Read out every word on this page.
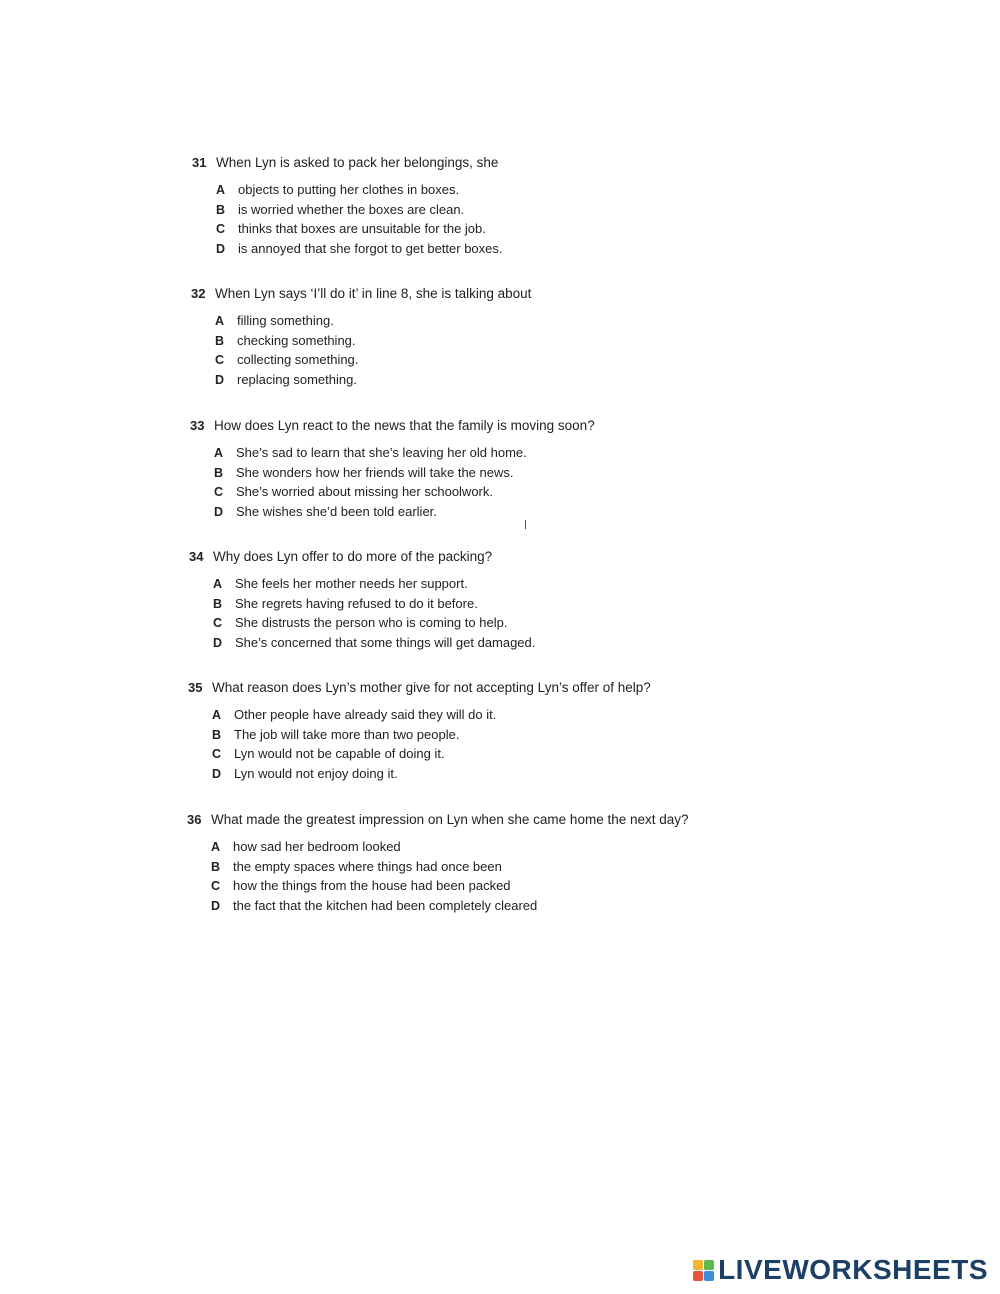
31 When Lyn is asked to pack her belongings, she
A objects to putting her clothes in boxes.
B is worried whether the boxes are clean.
C thinks that boxes are unsuitable for the job.
D is annoyed that she forgot to get better boxes.
32 When Lyn says ‘I’ll do it’ in line 8, she is talking about
A filling something.
B checking something.
C collecting something.
D replacing something.
33 How does Lyn react to the news that the family is moving soon?
A She’s sad to learn that she’s leaving her old home.
B She wonders how her friends will take the news.
C She’s worried about missing her schoolwork.
D She wishes she’d been told earlier.
34 Why does Lyn offer to do more of the packing?
A She feels her mother needs her support.
B She regrets having refused to do it before.
C She distrusts the person who is coming to help.
D She’s concerned that some things will get damaged.
35 What reason does Lyn’s mother give for not accepting Lyn’s offer of help?
A Other people have already said they will do it.
B The job will take more than two people.
C Lyn would not be capable of doing it.
D Lyn would not enjoy doing it.
36 What made the greatest impression on Lyn when she came home the next day?
A how sad her bedroom looked
B the empty spaces where things had once been
C how the things from the house had been packed
D the fact that the kitchen had been completely cleared
LIVEWORKSHEETS
